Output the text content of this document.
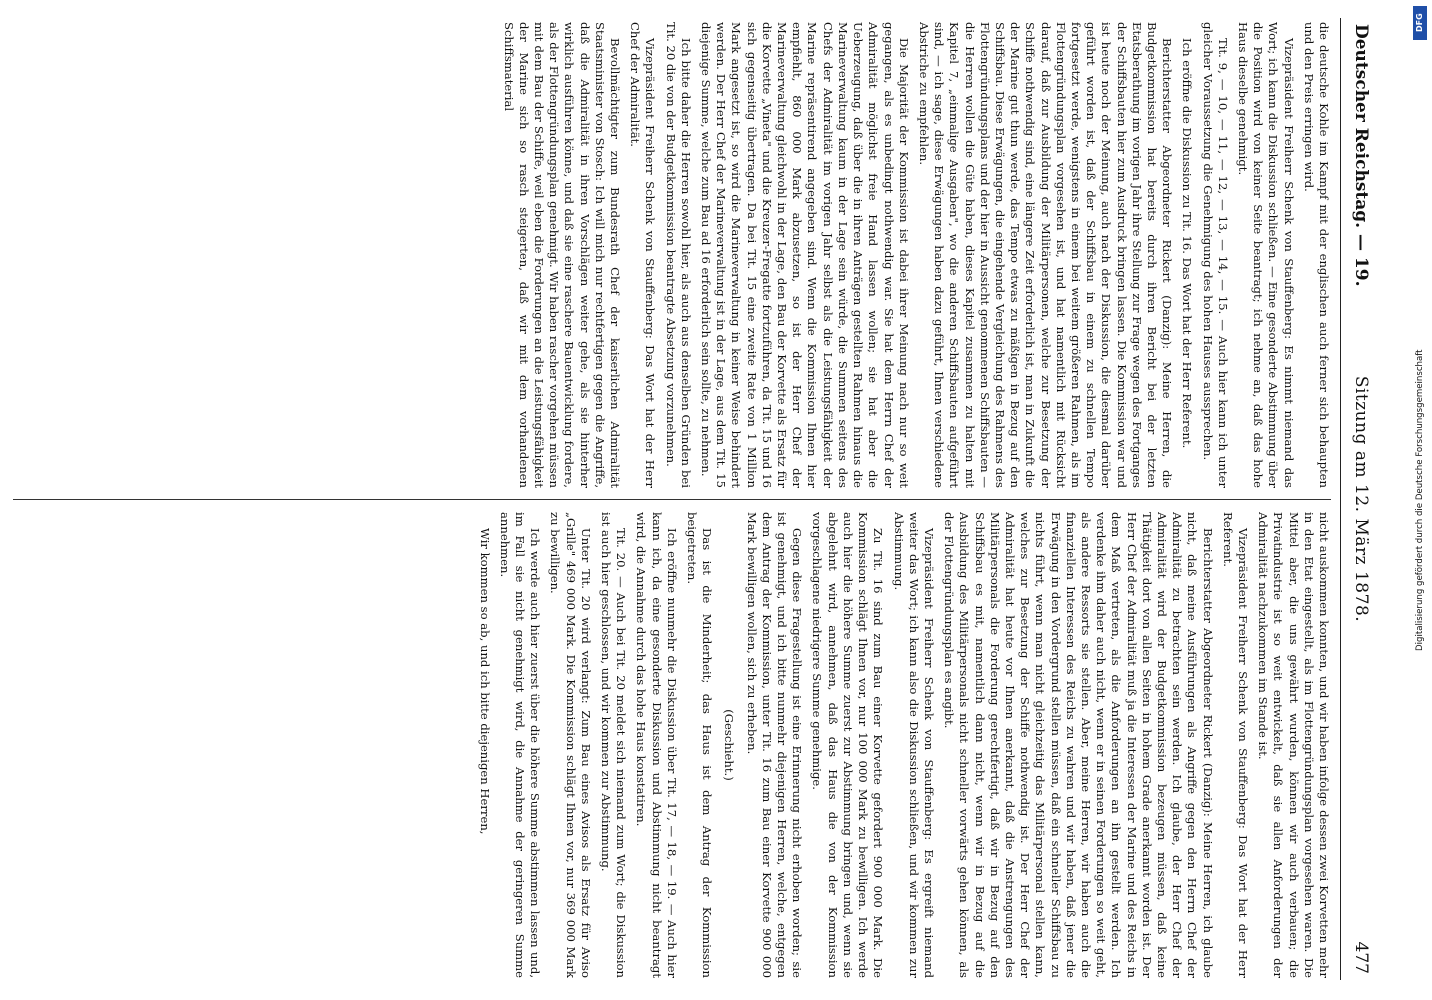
Deutscher Reichstag. — 19.
Sitzung am 12. März 1878.
477

die deutsche Kohle im Kampf mit der englischen auch ferner sich behaupten und den Preis erringen wird.

Vizepräsident Freiherr Schenk von Stauffenberg: Es nimmt niemand das Wort; ich kann die Diskussion schließen. — Eine gesonderte Abstimmung über die Position wird von keiner Seite beantragt; ich nehme an, daß das hohe Haus dieselbe genehmigt.

Tit. 9, — 10, — 11, — 12, — 13, — 14, — 15. — Auch hier kann ich unter gleicher Voraussetzung die Genehmigung des hohen Hauses aussprechen.

Ich eröffne die Diskussion zu Tit. 16. Das Wort hat der Herr Referent.

Berichterstatter Abgeordneter Rickert (Danzig): Meine Herren, die Budgetkommission hat bereits durch ihren Bericht bei der letzten Etatsberathung im vorigen Jahr ihre Stellung zur Frage wegen des Fortganges der Schiffsbauten hier zum Ausdruck bringen lassen. Die Kommission war und ist heute noch der Meinung, auch nach der Diskussion, die diesmal darüber geführt worden ist, daß der Schiffsbau in einem zu schnellen Tempo fortgesetzt werde, wenigstens in einem bei weitem größeren Rahmen, als im Flottengründungsplan vorgesehen ist, und hat namentlich mit Rücksicht darauf, daß zur Ausbildung der Militärpersonen, welche zur Besetzung der Schiffe nothwendig sind, eine längere Zeit erforderlich ist, man in Zukunft die der Marine gut thun werde, das Tempo etwas zu mäßigen in Bezug auf den Schiffsbau. Diese Erwägungen, die eingehende Vergleichung des Rahmens des Flottengründungsplans und der hier in Aussicht genommenen Schiffsbauten — die Herren wollen die Güte haben, dieses Kapitel zusammen zu halten mit Kapitel 7, „einmalige Ausgaben", wo die anderen Schiffsbauten aufgeführt sind, — ich sage, diese Erwägungen haben dazu geführt, Ihnen verschiedene Abstriche zu empfehlen.

Die Majorität der Kommission ist dabei ihrer Meinung nach nur so weit gegangen, als es unbedingt nothwendig war. Sie hat dem Herrn Chef der Admiralität möglichst freie Hand lassen wollen; sie hat aber die Ueberzeugung, daß über die in ihren Anträgen gestellten Rahmen hinaus die Marineverwaltung kaum in der Lage sein würde, die Summen seitens des Chefs der Admiralität im vorigen Jahr selbst als die Leistungsfähigkeit der Marine repräsentirend angegeben sind. Wenn die Kommission Ihnen hier empfiehlt, 860 000 Mark abzusetzen, so ist der Herr Chef der Marineverwaltung gleichwohl in der Lage, den Bau der Korvette als Ersatz für die Korvette „Vineta" und die Kreuzer-Fregatte fortzuführen, da Tit. 15 und 16 sich gegenseitig übertragen. Da bei Tit. 15 eine zweite Rate von 1 Million Mark angesetzt ist, so wird die Marineverwaltung in keiner Weise behindert werden. Der Herr Chef der Marineverwaltung ist in der Lage, aus dem Tit. 15 diejenige Summe, welche zum Bau ad 16 erforderlich sein sollte, zu nehmen.

Ich bitte daher die Herren sowohl hier, als auch aus denselben Gründen bei Tit. 20 die von der Budgetkommission beantragte Absetzung vorzunehmen.

Vizepräsident Freiherr Schenk von Stauffenberg: Das Wort hat der Herr Chef der Admiralität.

Bevollmächtigter zum Bundesrath Chef der kaiserlichen Admiralität Staatsminister von Stosch: Ich will mich nur rechtfertigen gegen die Angriffe, daß die Admiralität in ihren Vorschlägen weiter gehe, als sie hinterher wirklich ausführen könne, und daß sie eine raschere Bauentwicklung fordere, als der Flottengründungsplan genehmigt. Wir haben rascher vorgehen müssen mit dem Bau der Schiffe, weil eben die Forderungen an die Leistungsfähigkeit der Marine sich so rasch steigerten, daß wir mit dem vorhandenen Schiffsmaterial

nicht auskommen konnten, und wir haben infolge dessen zwei Korvetten mehr in den Etat eingestellt, als im Flottengründungsplan vorgesehen waren. Die Mittel aber, die uns gewährt wurden, können wir auch verbauen; die Privatindustrie ist so weit entwickelt, daß sie allen Anforderungen der Admiralität nachzukommen im Stande ist.

Vizepräsident Freiherr Schenk von Stauffenberg: Das Wort hat der Herr Referent.

Berichterstatter Abgeordneter Rickert (Danzig): Meine Herren, ich glaube nicht, daß meine Ausführungen als Angriffe gegen den Herrn Chef der Admiralität zu betrachten sein werden. Ich glaube, der Herr Chef der Admiralität wird der Budgetkommission bezeugen müssen, daß keine Thätigkeit dort von allen Seiten in hohem Grade anerkannt worden ist. Der Herr Chef der Admiralität muß ja die Interessen der Marine und des Reichs in dem Maß vertreten, als die Anforderungen an ihn gestellt werden. Ich verdenke ihm daher auch nicht, wenn er in seinen Forderungen so weit geht, als andere Ressorts sie stellen. Aber, meine Herren, wir haben auch die finanziellen Interessen des Reichs zu wahren und wir haben, daß jener die Erwägung in den Vordergrund stellen müssen, daß ein schneller Schiffsbau zu nichts führt, wenn man nicht gleichzeitig das Militärpersonal stellen kann, welches zur Besetzung der Schiffe nothwendig ist. Der Herr Chef der Admiralität hat heute vor Ihnen anerkannt, daß die Anstrengungen des Militärpersonals die Forderung gerechtfertigt, daß wir in Bezug auf den Schiffsbau es mit, namentlich dann nicht, wenn wir in Bezug auf die Ausbildung des Militärpersonals nicht schneller vorwärts gehen können, als der Flottengründungsplan es angibt.

Vizepräsident Freiherr Schenk von Stauffenberg: Es ergreift niemand weiter das Wort; ich kann also die Diskussion schließen, und wir kommen zur Abstimmung.

Zu Tit. 16 sind zum Bau einer Korvette gefordert 900 000 Mark. Die Kommission schlägt Ihnen vor, nur 100 000 Mark zu bewilligen. Ich werde auch hier die höhere Summe zuerst zur Abstimmung bringen und, wenn sie abgelehnt wird, annehmen, daß das Haus die von der Kommission vorgeschlagene niedrigere Summe genehmige.

Gegen diese Fragestellung ist eine Erinnerung nicht erhoben worden; sie ist genehmigt, und ich bitte nunmehr diejenigen Herren, welche, entgegen dem Antrag der Kommission, unter Tit. 16 zum Bau einer Korvette 900 000 Mark bewilligen wollen, sich zu erheben.

(Geschieht.)

Das ist die Minderheit; das Haus ist dem Antrag der Kommission beigetreten.

Ich eröffne nunmehr die Diskussion über Tit. 17, — 18, — 19. — Auch hier kann ich, da eine gesonderte Diskussion und Abstimmung nicht beantragt wird, die Annahme durch das hohe Haus konstatiren.

Tit. 20. — Auch bei Tit. 20 meldet sich niemand zum Wort; die Diskussion ist auch hier geschlossen, und wir kommen zur Abstimmung.

Unter Tit. 20 wird verlangt: Zum Bau eines Avisos als Ersatz für Aviso „Grille" 469 000 Mark. Die Kommission schlägt Ihnen vor, nur 369 000 Mark zu bewilligen.

Ich werde auch hier zuerst über die höhere Summe abstimmen lassen und, im Fall sie nicht genehmigt wird, die Annahme der geringeren Summe annehmen.

Wir kommen so ab, und ich bitte diejenigen Herren,

Digitalisierung gefördert durch die Deutsche Forschungsgemeinschaft
DFG
